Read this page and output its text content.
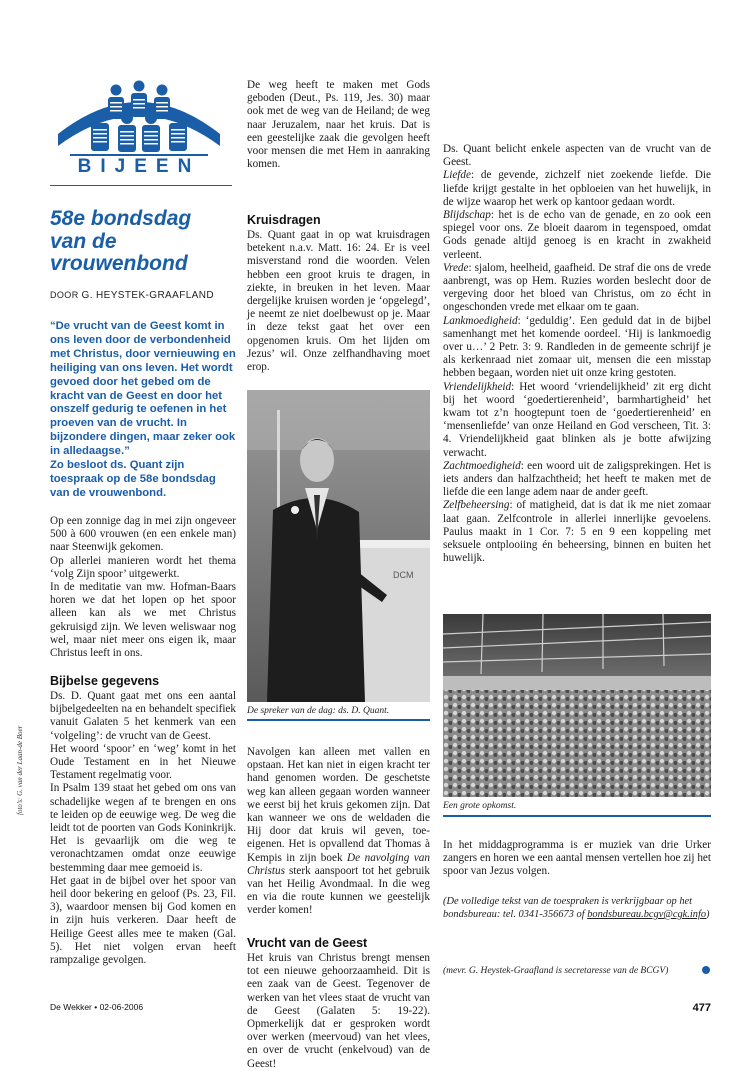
BIJEEN
58e bondsdag
van de
vrouwenbond
DOOR G. HEYSTEK-GRAAFLAND

“De vrucht van de Geest komt in ons leven door de verbondenheid met Christus, door vernieuwing en heiliging van ons leven. Het wordt gevoed door het gebed om de kracht van de Geest en door het onszelf gedurig te oefenen in het proeven van de vrucht. In bijzondere dingen, maar zeker ook in alledaagse.”

Zo besloot ds. Quant zijn toespraak op de 58e bondsdag van de vrouwenbond.

Op een zonnige dag in mei zijn ongeveer 500 à 600 vrouwen (en een enkele man) naar Steenwijk gekomen.

Op allerlei manieren wordt het thema ‘volg Zijn spoor’ uitgewerkt.

In de meditatie van mw. Hofman-Baars horen we dat het lopen op het spoor alleen kan als we met Christus gekruisigd zijn. We leven weliswaar nog wel, maar niet meer ons eigen ik, maar Christus leeft in ons.

Bijbelse gegevens

Ds. D. Quant gaat met ons een aantal bijbelgedeelten na en behandelt specifiek vanuit Galaten 5 het kenmerk van een ‘volgeling’: de vrucht van de Geest.

Het woord ‘spoor’ en ‘weg’ komt in het Oude Testament en in het Nieuwe Testament regelmatig voor.

In Psalm 139 staat het gebed om ons van schadelijke wegen af te brengen en ons te leiden op de eeuwige weg. De weg die leidt tot de poorten van Gods Koninkrijk. Het is gevaarlijk om die weg te veronachtzamen omdat onze eeuwige bestemming daar mee gemoeid is.

Het gaat in de bijbel over het spoor van heil door bekering en geloof (Ps. 23, Fil. 3), waardoor mensen bij God komen en in zijn huis verkeren. Daar heeft de Heilige Geest alles mee te maken (Gal. 5). Het niet volgen ervan heeft rampzalige gevolgen.

De weg heeft te maken met Gods geboden (Deut., Ps. 119, Jes. 30) maar ook met de weg van de Heiland; de weg naar Jeruzalem, naar het kruis. Dat is een geestelijke zaak die gevolgen heeft voor mensen die met Hem in aanraking komen.

Kruisdragen

Ds. Quant gaat in op wat kruisdragen betekent n.a.v. Matt. 16: 24. Er is veel misverstand rond die woorden. Velen hebben een groot kruis te dragen, in ziekte, in breuken in het leven. Maar dergelijke kruisen worden je ‘opgelegd’, je neemt ze niet doelbewust op je. Maar in deze tekst gaat het over een opgenomen kruis. Om het lijden om Jezus’ wil. Onze zelfhandhaving moet erop.

DCM
De spreker van de dag: ds. D. Quant.

Navolgen kan alleen met vallen en opstaan. Het kan niet in eigen kracht ter hand genomen worden. De geschetste weg kan alleen gegaan worden wanneer we eerst bij het kruis gekomen zijn. Dat kan wanneer we ons de weldaden die Hij door dat kruis wil geven, toe-eigenen. Het is opvallend dat Thomas à Kempis in zijn boek De navolging van Christus sterk aanspoort tot het gebruik van het Heilig Avondmaal. In die weg en via die route kunnen we geestelijk verder komen!

Vrucht van de Geest

Het kruis van Christus brengt mensen tot een nieuwe gehoorzaamheid. Dit is een zaak van de Geest. Tegenover de werken van het vlees staat de vrucht van de Geest (Galaten 5: 19-22). Opmerkelijk dat er gesproken wordt over werken (meervoud) van het vlees, en over de vrucht (enkelvoud) van de Geest!

Ds. Quant belicht enkele aspecten van de vrucht van de Geest.

Liefde: de gevende, zichzelf niet zoekende liefde. Die liefde krijgt gestalte in het opbloeien van het huwelijk, in de wijze waarop het werk op kantoor gedaan wordt.

Blijdschap: het is de echo van de genade, en zo ook een spiegel voor ons. Ze bloeit daarom in tegenspoed, omdat Gods genade altijd genoeg is en kracht in zwakheid verleent.

Vrede: sjalom, heelheid, gaafheid. De straf die ons de vrede aanbrengt, was op Hem. Ruzies worden beslecht door de vergeving door het bloed van Christus, om zo écht in ongeschonden vrede met elkaar om te gaan.

Lankmoedigheid: ‘geduldig’. Een geduld dat in de bijbel samenhangt met het komende oordeel. ‘Hij is lankmoedig over u…’ 2 Petr. 3: 9. Randleden in de gemeente schrijf je als kerkenraad niet zomaar uit, mensen die een misstap hebben begaan, worden niet uit onze kring gestoten.

Vriendelijkheid: Het woord ‘vriendelijkheid’ zit erg dicht bij het woord ‘goedertierenheid’, barmhartigheid’ het kwam tot z’n hoogtepunt toen de ‘goedertierenheid’ en ‘mensenliefde’ van onze Heiland en God verscheen, Tit. 3: 4. Vriendelijkheid gaat blinken als je botte afwijzing verwacht.

Zachtmoedigheid: een woord uit de zaligsprekingen. Het is iets anders dan halfzachtheid; het heeft te maken met de liefde die een lange adem naar de ander geeft.

Zelfbeheersing: of matigheid, dat is dat ik me niet zomaar laat gaan. Zelfcontrole in allerlei innerlijke gevoelens. Paulus maakt in 1 Cor. 7: 5 en 9 een koppeling met seksuele ontplooiing én beheersing, binnen en buiten het huwelijk.

Een grote opkomst.
In het middagprogramma is er muziek van drie Urker zangers en horen we een aantal mensen vertellen hoe zij het spoor van Jezus volgen.
(De volledige tekst van de toespraken is verkrijgbaar op het bondsbureau: tel. 0341-356673 of bondsbureau.bcgv@cgk.info)
(mevr. G. Heystek-Graafland is secretaresse van de BCGV)
foto’s: G. van der Laan-de Boer
De Wekker • 02-06-2006	477
